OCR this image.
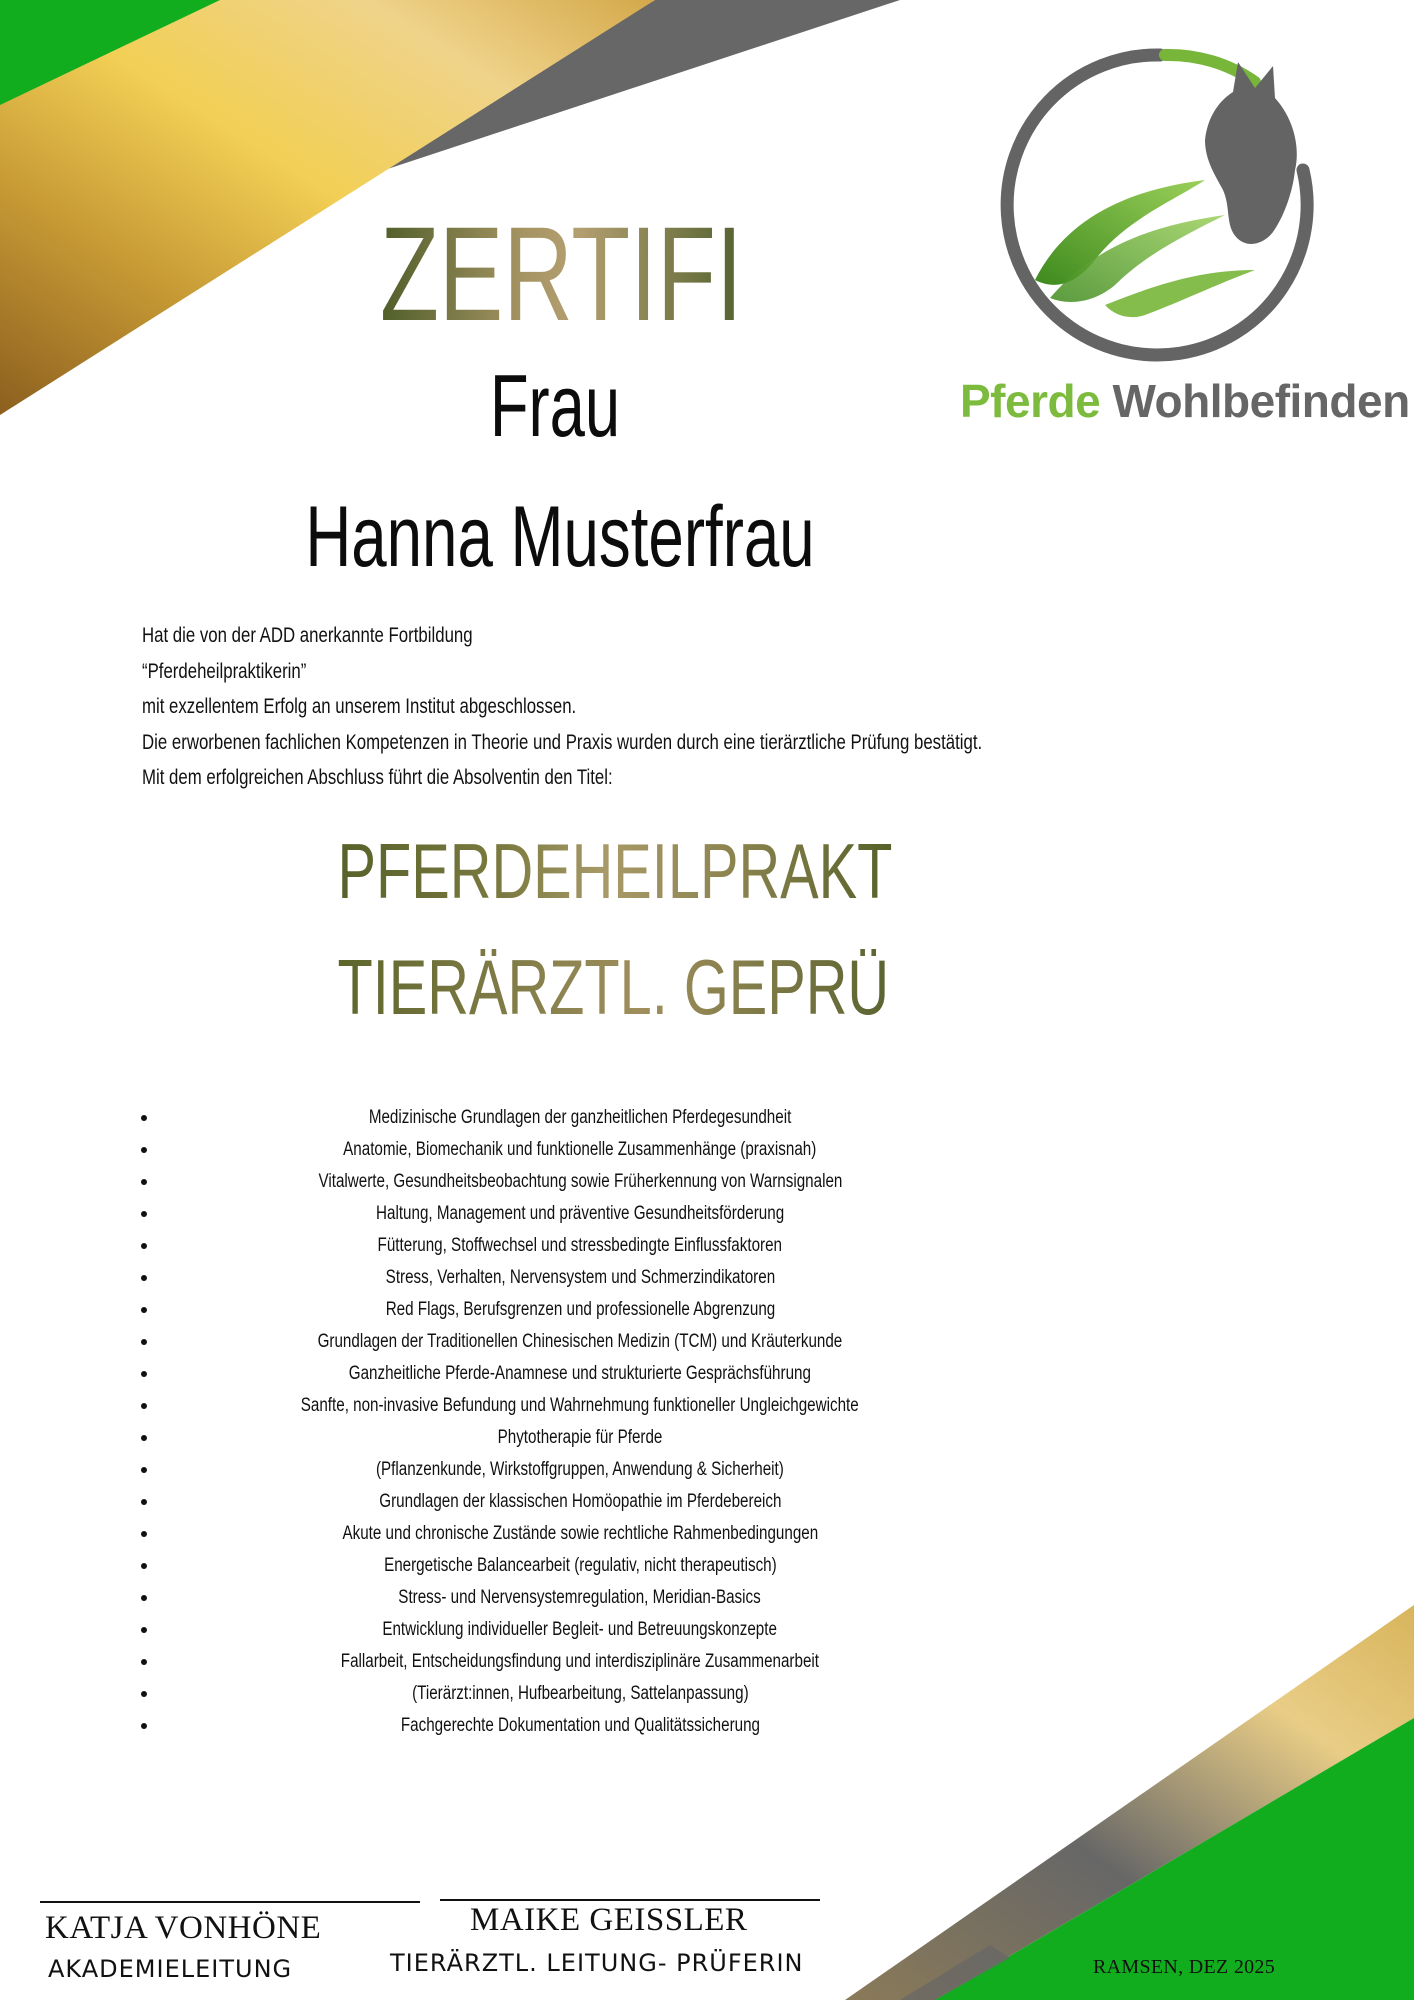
Pferde Wohlbefinden
ZERTIFIKAT
Frau
Hanna Musterfrau
Hat die von der ADD anerkannte Fortbildung
“Pferdeheilpraktikerin”
mit exzellentem Erfolg an unserem Institut abgeschlossen.
Die erworbenen fachlichen Kompetenzen in Theorie und Praxis wurden durch eine tierärztliche Prüfung bestätigt.
Mit dem erfolgreichen Abschluss führt die Absolventin den Titel:
PFERDEHEILPRAKTERIN
TIERÄRZTL. GEPRÜFT
Medizinische Grundlagen der ganzheitlichen Pferdegesundheit
Anatomie, Biomechanik und funktionelle Zusammenhänge (praxisnah)
Vitalwerte, Gesundheitsbeobachtung sowie Früherkennung von Warnsignalen
Haltung, Management und präventive Gesundheitsförderung
Fütterung, Stoffwechsel und stressbedingte Einflussfaktoren
Stress, Verhalten, Nervensystem und Schmerzindikatoren
Red Flags, Berufsgrenzen und professionelle Abgrenzung
Grundlagen der Traditionellen Chinesischen Medizin (TCM) und Kräuterkunde
Ganzheitliche Pferde-Anamnese und strukturierte Gesprächsführung
Sanfte, non-invasive Befundung und Wahrnehmung funktioneller Ungleichgewichte
Phytotherapie für Pferde
(Pflanzenkunde, Wirkstoffgruppen, Anwendung & Sicherheit)
Grundlagen der klassischen Homöopathie im Pferdebereich
Akute und chronische Zustände sowie rechtliche Rahmenbedingungen
Energetische Balancearbeit (regulativ, nicht therapeutisch)
Stress- und Nervensystemregulation, Meridian-Basics
Entwicklung individueller Begleit- und Betreuungskonzepte
Fallarbeit, Entscheidungsfindung und interdisziplinäre Zusammenarbeit
(Tierärzt:innen, Hufbearbeitung, Sattelanpassung)
Fachgerechte Dokumentation und Qualitätssicherung
KATJA VONHÖNE
AKADEMIELEITUNG
MAIKE GEISSLER
TIERÄRZTL. LEITUNG- PRÜFERIN	RAMSEN, DEZ 2025
